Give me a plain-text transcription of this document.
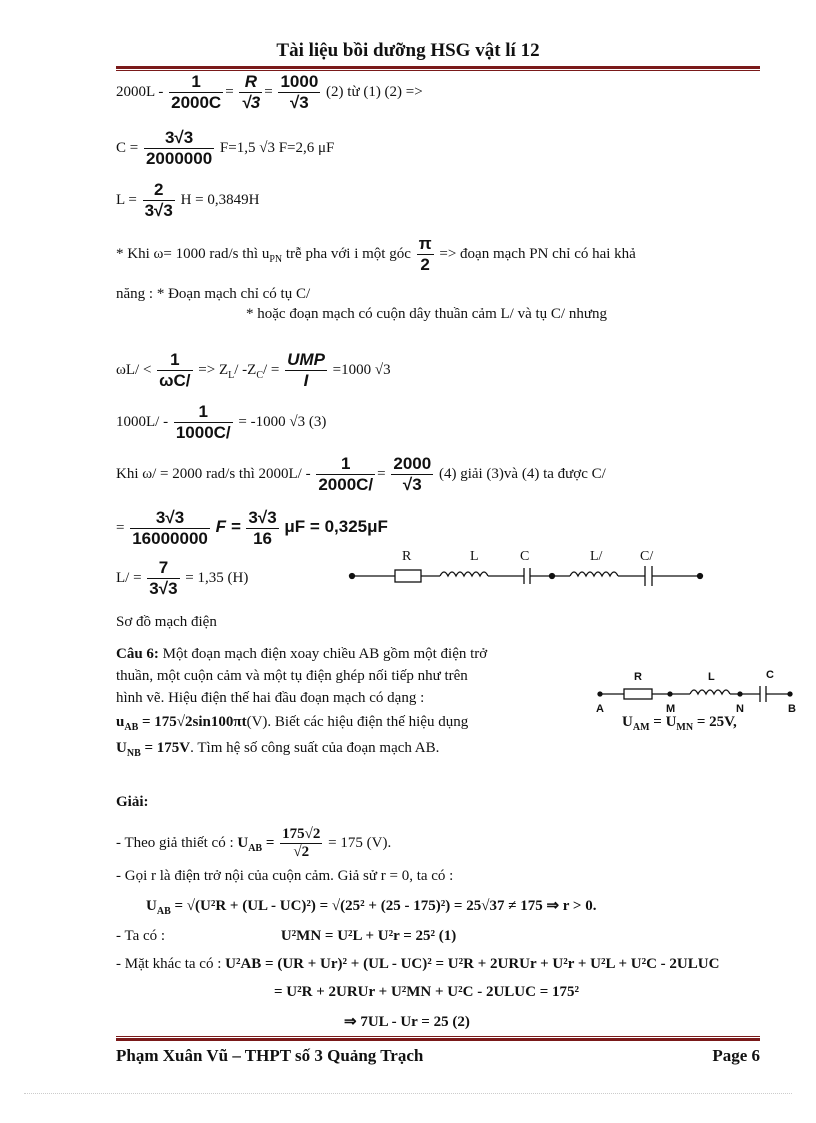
Tài liệu bồi dưỡng HSG vật lí 12
$2000L - \frac{1}{2000C} = \frac{R}{√3} = \frac{1000}{√3} (2)$ từ (1) (2) =>
$C = \frac{3√3}{2000000} F=1,5$ √3 F=2,6 μF
$L = \frac{2}{3√3}$ H = 0,3849H
* Khi ω= 1000 rad/s thì $u_{PN}$ trễ pha với i một góc $\frac{\pi}{2}$ => đoạn mạch PN chỉ có hai khả
năng : * Đoạn mạch chỉ có tụ C/
* hoặc đoạn mạch có cuộn dây thuần cảm L/ và tụ C/ nhưng
$\omega L/ < \frac{1}{\omega C/} => Z_L/$ $-Z_C/$ =
UMP
I
=1000 √3
$1000L/ - \frac{1}{1000C/} = -1000$ √3 (3)
Khi ω/ = 2000 rad/s thì $2000L/ - \frac{1}{2000C/} = \frac{2000}{√3} (4)$ giải (3)và (4) ta được C/
= $\frac{3√3}{16000000}$ $F = \frac{3√3}{16}$ μF = 0,325μF
$L/ = \frac{7}{3√3} = 1,35$ (H)
R	L	C	L/	C/
Sơ đồ mạch điện
Câu 6: Một đoạn mạch điện xoay chiều AB gồm một điện trở
thuần, một cuộn cảm và một tụ điện ghép nối tiếp như trên
hình vẽ. Hiệu điện thế hai đầu đoạn mạch có dạng :
$u_{AB} = 175√2\sin 100\pi t(V)$. Biết các hiệu điện thế hiệu dụng	$U_{AM} = U_{MN} = 25V$,
$U_{NB} = 175V$. Tìm hệ số công suất của đoạn mạch AB.
R	L	C
A	M	N	B
Giải:
- Theo giả thiết có : $U_{AB} = \frac{175√2}{√2} = 175$ (V).
- Gọi r là điện trở nội của cuộn cảm. Giả sử r = 0, ta có :
$U_{AB} = √(U^2R + (UL - UC)^2) = √(25^2 + (25 - 175)^2) = 25√37 \ne 175$ ⇒ r > 0.
- Ta có :	U²MN = U²L + U²r = 25² (1)
- Mặt khác ta có : U²AB = (UR + Ur)² + (UL - UC)² = U²R + 2URUr + U²r + U²L + U²C - 2ULUC
= U²R + 2URUr + U²MN + U²C - 2ULUC = 175²
⇒ 7UL - Ur = 25 (2)
Phạm Xuân Vũ – THPT số 3 Quảng Trạch	Page 6
